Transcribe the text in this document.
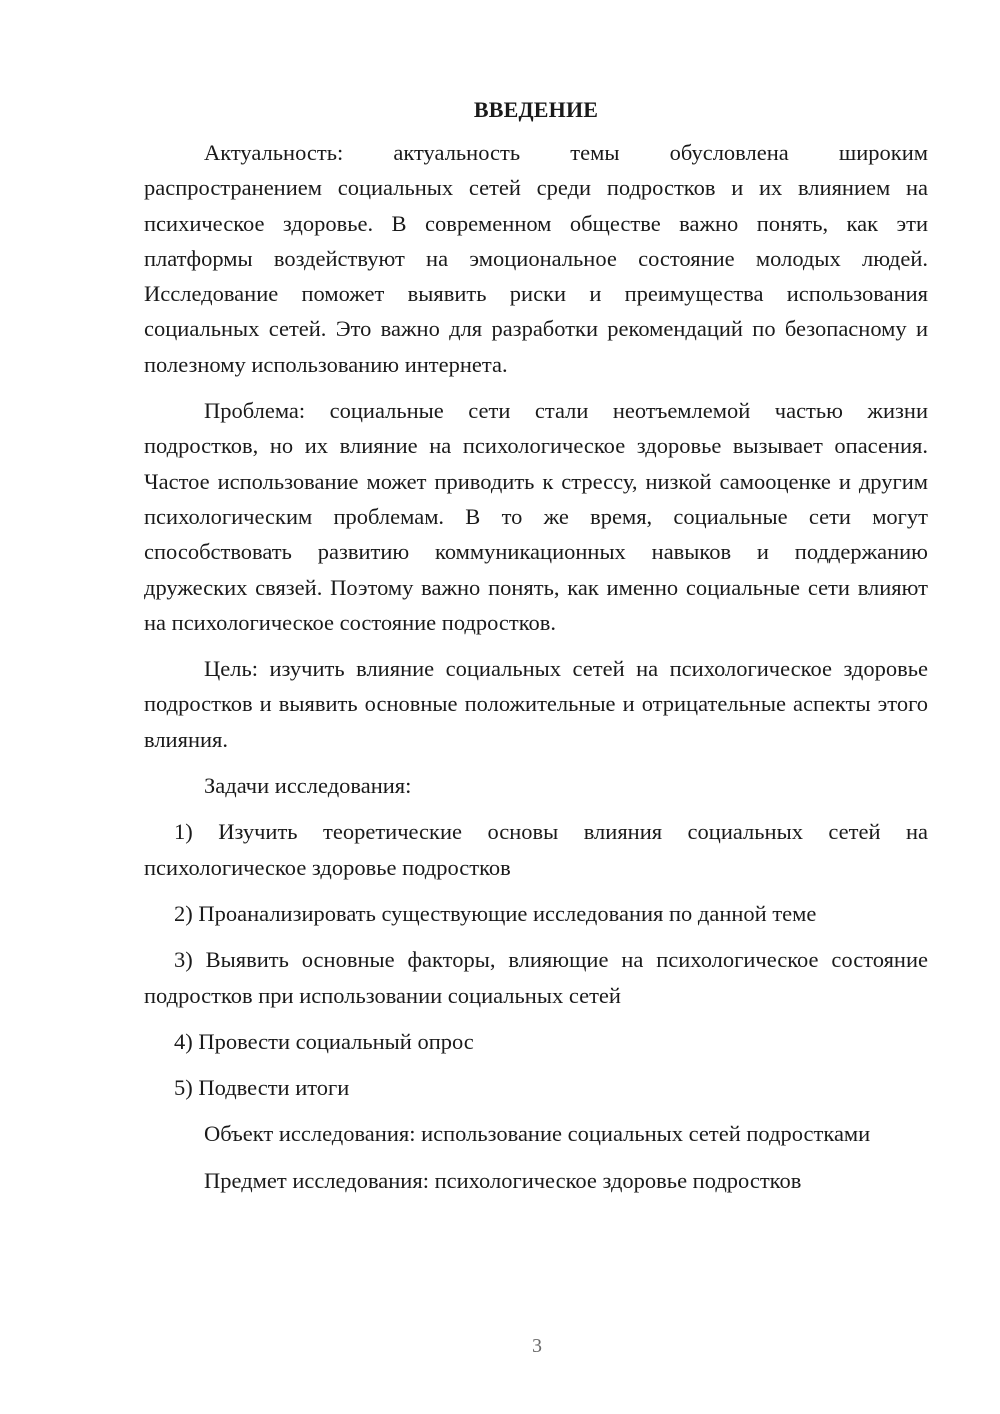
ВВЕДЕНИЕ

Актуальность: актуальность темы обусловлена широким распространением социальных сетей среди подростков и их влиянием на психическое здоровье. В современном обществе важно понять, как эти платформы воздействуют на эмоциональное состояние молодых людей. Исследование поможет выявить риски и преимущества использования социальных сетей. Это важно для разработки рекомендаций по безопасному и полезному использованию интернета.

Проблема: социальные сети стали неотъемлемой частью жизни подростков, но их влияние на психологическое здоровье вызывает опасения. Частое использование может приводить к стрессу, низкой самооценке и другим психологическим проблемам. В то же время, социальные сети могут способствовать развитию коммуникационных навыков и поддержанию дружеских связей. Поэтому важно понять, как именно социальные сети влияют на психологическое состояние подростков.

Цель: изучить влияние социальных сетей на психологическое здоровье подростков и выявить основные положительные и отрицательные аспекты этого влияния.

Задачи исследования:

1) Изучить теоретические основы влияния социальных сетей на психологическое здоровье подростков

2) Проанализировать существующие исследования по данной теме

3) Выявить основные факторы, влияющие на психологическое состояние подростков при использовании социальных сетей

4) Провести социальный опрос

5) Подвести итоги

Объект исследования: использование социальных сетей подростками

Предмет исследования: психологическое здоровье подростков

3
